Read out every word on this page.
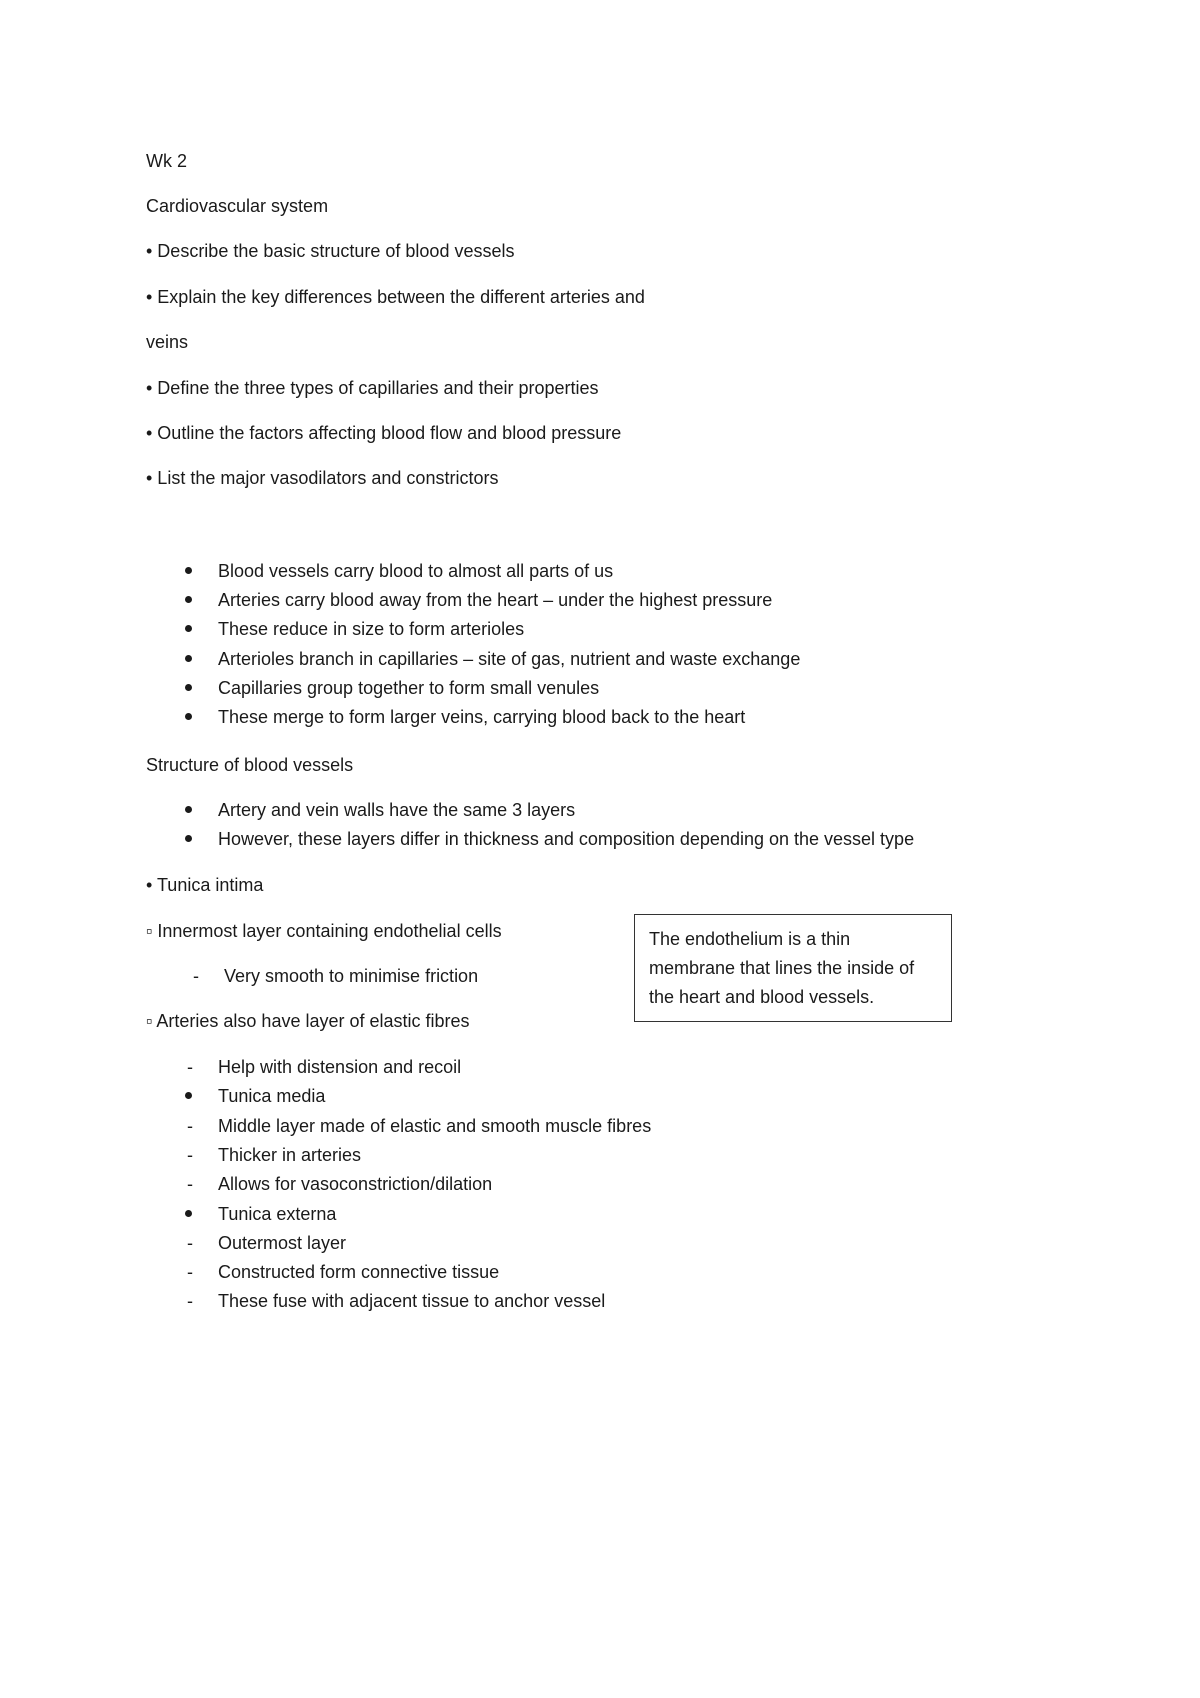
Wk 2
Cardiovascular system
• Describe the basic structure of blood vessels
• Explain the key differences between the different arteries and
veins
• Define the three types of capillaries and their properties
• Outline the factors affecting blood flow and blood pressure
• List the major vasodilators and constrictors
Blood vessels carry blood to almost all parts of us
Arteries carry blood away from the heart – under the highest pressure
These reduce in size to form arterioles
Arterioles branch in capillaries – site of gas, nutrient and waste exchange
Capillaries group together to form small venules
These merge to form larger veins, carrying blood back to the heart
Structure of blood vessels
Artery and vein walls have the same 3 layers
However, these layers differ in thickness and composition depending on the vessel type
• Tunica intima
▫ Innermost layer containing endothelial cells
-	Very smooth to minimise friction
▫ Arteries also have layer of elastic fibres
-	Help with distension and recoil
Tunica media
-	Middle layer made of elastic and smooth muscle fibres
-	Thicker in arteries
-	Allows for vasoconstriction/dilation
Tunica externa
-	Outermost layer
-	Constructed form connective tissue
-	These fuse with adjacent tissue to anchor vessel
The endothelium is a thin membrane that lines the inside of the heart and blood vessels.
